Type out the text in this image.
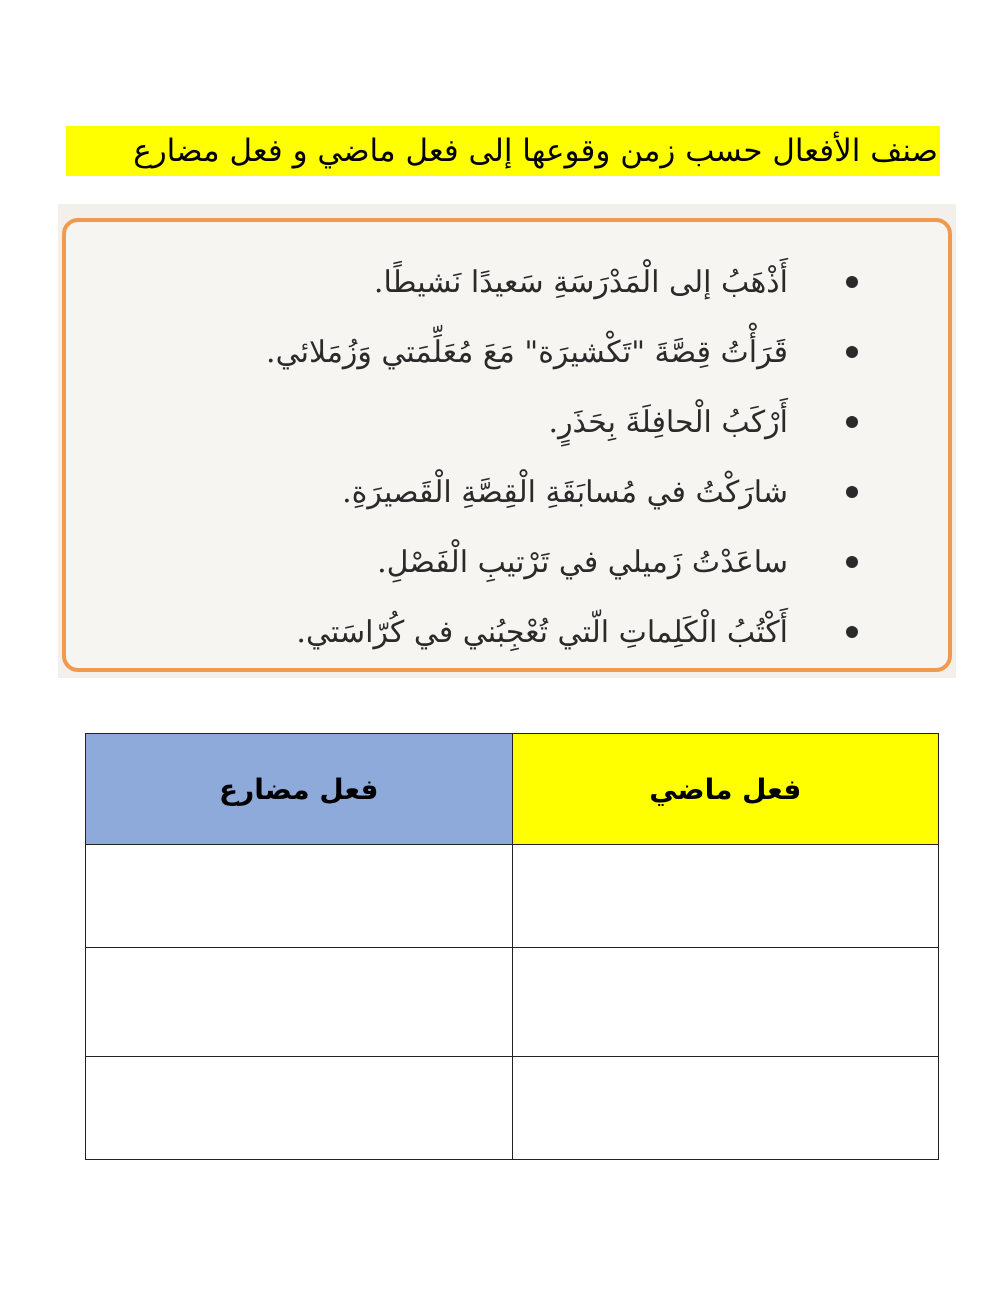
صنف الأفعال حسب زمن وقوعها إلى فعل ماضي و فعل مضارع
أَذْهَبُ إلى الْمَدْرَسَةِ سَعيدًا نَشيطًا.
قَرَأْتُ قِصَّةَ "تَكْشيرَة" مَعَ مُعَلِّمَتي وَزُمَلائي.
أَرْكَبُ الْحافِلَةَ بِحَذَرٍ.
شارَكْتُ في مُسابَقَةِ الْقِصَّةِ الْقَصيرَةِ.
ساعَدْتُ زَميلي في تَرْتيبِ الْفَصْلِ.
أَكْتُبُ الْكَلِماتِ الّتي تُعْجِبُني في كُرّاسَتي.
فعل مضارع	فعل ماضي
